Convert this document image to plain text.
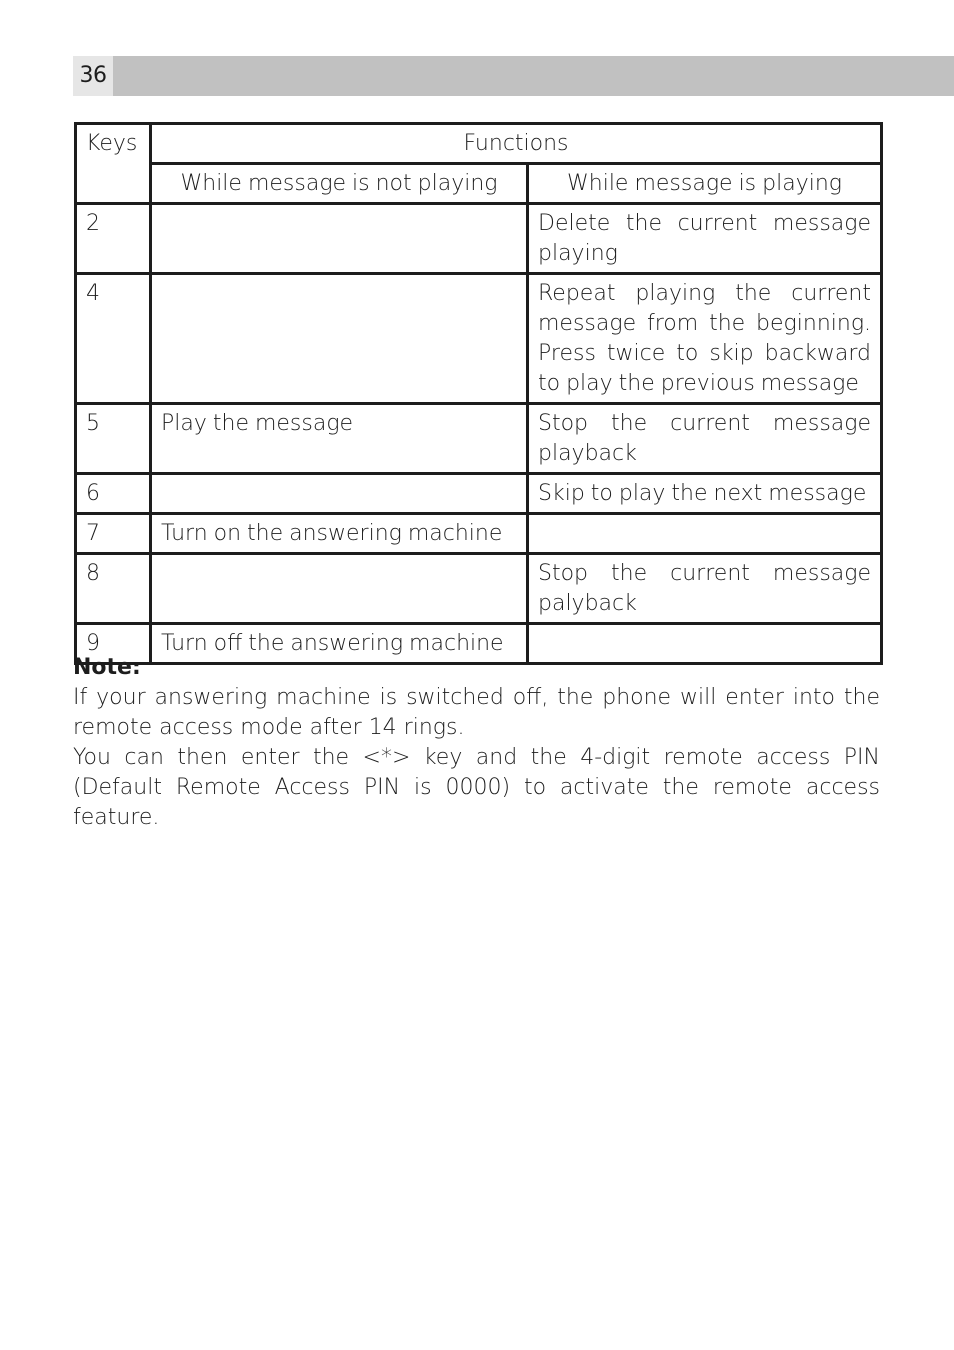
36
Keys	Functions	
	While message is not playing	While message is playing
2		Delete the current message playing
4		Repeat playing the current message from the beginning. Press twice to skip backward to play the previous message
5	Play the message	Stop the current message playback
6		Skip to play the next message
7	Turn on the answering machine	
8		Stop the current message palyback
9	Turn off the answering machine	
Note:

If your answering machine is switched off, the phone will enter into the remote access mode after 14 rings.

You can then enter the <*> key and the 4-digit remote access PIN (Default Remote Access PIN is 0000) to activate the remote access feature.
